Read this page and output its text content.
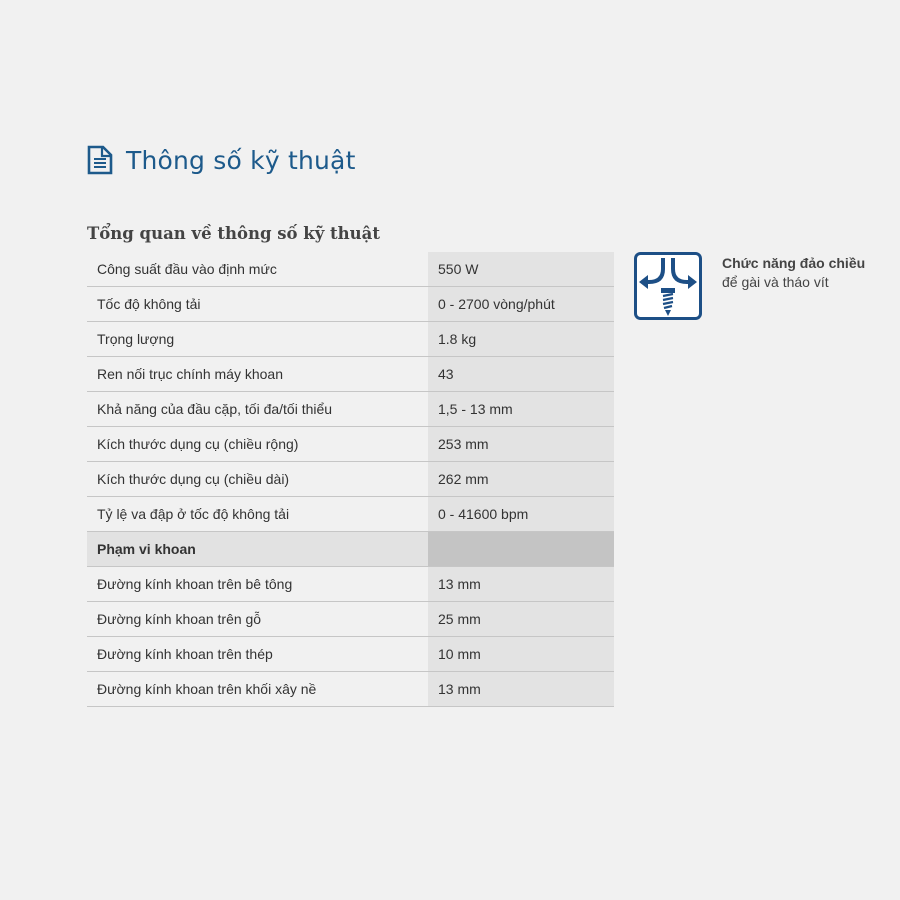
Thông số kỹ thuật
Tổng quan về thông số kỹ thuật
Công suất đầu vào định mức	550 W
Tốc độ không tải	0 - 2700 vòng/phút
Trọng lượng	1.8 kg
Ren nối trục chính máy khoan	43
Khả năng của đầu cặp, tối đa/tối thiểu	1,5 - 13 mm
Kích thước dụng cụ (chiều rộng)	253 mm
Kích thước dụng cụ (chiều dài)	262 mm
Tỷ lệ va đập ở tốc độ không tải	0 - 41600 bpm
Phạm vi khoan	
Đường kính khoan trên bê tông	13 mm
Đường kính khoan trên gỗ	25 mm
Đường kính khoan trên thép	10 mm
Đường kính khoan trên khối xây nề	13 mm
Chức năng đảo chiều
để gài và tháo vít
